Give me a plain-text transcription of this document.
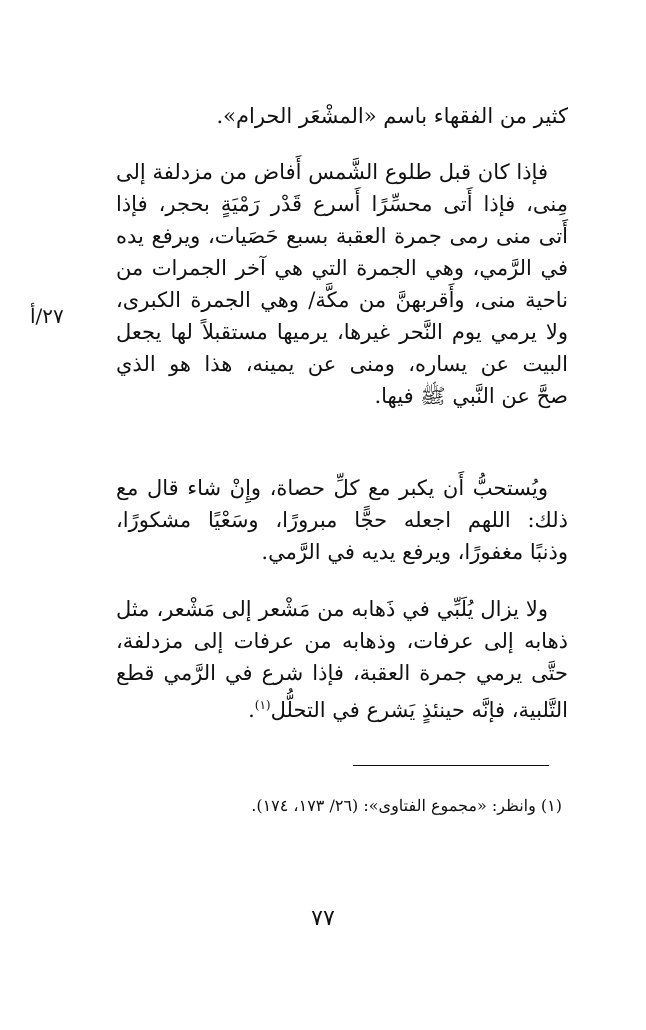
كثير من الفقهاء باسم «المشْعَر الحرام».
فإذا كان قبل طلوع الشَّمس أَفاض من مزدلفة إلى
مِنى، فإذا أَتى محسِّرًا أَسرع قَدْر رَمْيَةٍ بحجر، فإذا
أَتى منى رمى جمرة العقبة بسبع حَصَيات، ويرفع يده
في الرَّمي، وهي الجمرة التي هي آخر الجمرات من
ناحية منى، وأَقربهنَّ من مكَّة/ وهي الجمرة الكبرى،
ولا يرمي يوم النَّحر غيرها، يرميها مستقبلاً لها يجعل
البيت عن يساره، ومنى عن يمينه، هذا هو الذي
صحَّ عن النَّبي ﷺ فيها.
ويُستحبُّ أَن يكبر مع كلِّ حصاة، وإِنْ شاء قال مع
ذلك: اللهم اجعله حجًّا مبرورًا، وسَعْيًا مشكورًا،
وذنبًا مغفورًا، ويرفع يديه في الرَّمي.
ولا يزال يُلَبِّي في ذَهابه من مَشْعر إلى مَشْعر، مثل
ذهابه إلى عرفات، وذهابه من عرفات إلى مزدلفة،
حتَّى يرمي جمرة العقبة، فإذا شرع في الرَّمي قطع
التَّلبية، فإنَّه حينئذٍ يَشرع في التحلُّل$^{(١)}$.
٢٧/أ
(١) وانظر: «مجموع الفتاوى»: (٢٦/ ١٧٣، ١٧٤).
٧٧
